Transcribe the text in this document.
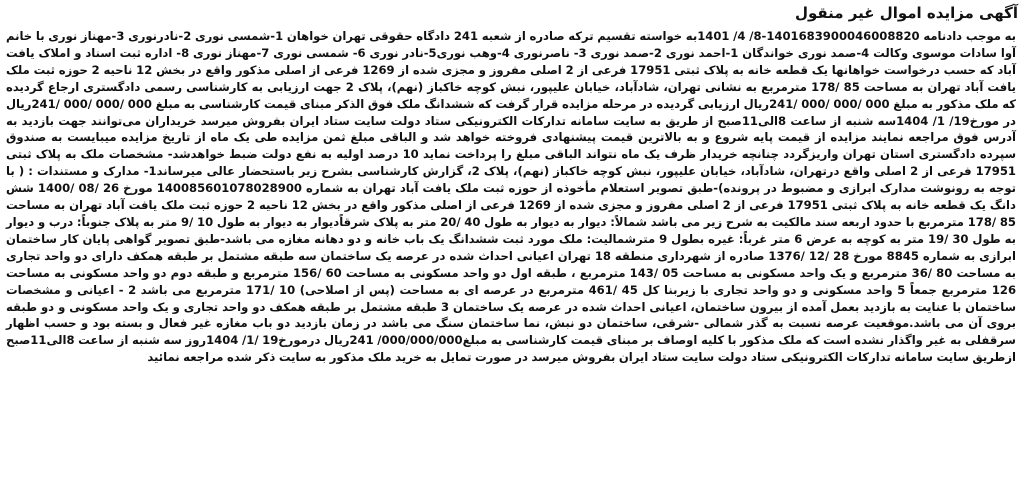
آگهی مزایده اموال غیر منقول

به موجب دادنامه 140168390004600882‌0-8/ 4/ 1401به خواسته تقسیم ترکه صادره از شعبه 241 دادگاه حقوقی تهران خواهان 1-شمسی نوری 2-نادرنوری 3-مهناز نوری با خانم آوا سادات موسوی وکالت 4-صمد نوری خواندگان 1-احمد نوری 2-صمد نوری 3- ناصرنوری 4-وهب نوری5-نادر نوری 6- شمسی نوری 7-مهناز نوری 8- اداره ثبت اسناد و املاک یافت آباد که حسب درخواست خواهانها یک قطعه خانه به پلاک ثبتی 17951 فرعی از 2 اصلی مفروز و مجزی شده از 1269 فرعی از اصلی مذکور واقع در بخش 12 ناحیه 2 حوزه ثبت ملک یافت آباد تهران به مساحت 85 /178 مترمربع به نشانی تهران، شادآباد، خیابان علیپور، نبش کوچه خاکباز (نهم)، پلاک 2 جهت ارزیابی به کارشناسی رسمی دادگستری ارجاع گردیده که ملک مذکور به مبلغ 000 /000 /000 /241ریال ارزیابی گردیده در مرحله مزایده قرار گرفت که ششدانگ ملک فوق الذکر مبنای قیمت کارشناسی به مبلغ 000 /000 /000 /241ریال در مورخ19/ 1/ 1404سه شنبه از ساعت 8الی11صبح از طریق به سایت سامانه تدارکات الکترونیکی ستاد دولت سایت ستاد ایران بفروش میرسد خریداران می‌توانند جهت بازدید به آدرس فوق مراجعه نمایند مزایده از قیمت پایه شروع و به بالاترین قیمت پیشنهادی فروخته خواهد شد و الباقی مبلغ ثمن مزایده طی یک ماه از تاریخ مزایده میبایست به صندوق سپرده دادگستری استان تهران واریزگردد چنانچه خریدار ظرف یک ماه نتواند الباقی مبلغ را پرداخت نماید 10 درصد اولیه به نفع دولت ضبط خواهدشد- مشخصات ملک به پلاک ثبتی 17951 فرعی از 2 اصلی واقع درتهران، شادآباد، خیابان علیپور، نبش کوچه خاکباز (نهم)، پلاک 2، گزارش کارشناسی بشرح زیر باستحضار عالی میرساند1- مدارک و مستندات : ( با توجه به رونوشت مدارک ابرازی و مضبوط در پرونده)-طبق تصویر استعلام مأخوذه از حوزه ثبت ملک یافت آباد تهران به شماره 140085601078028900 مورخ 26 /08 /1400 شش دانگ یک قطعه خانه به پلاک ثبتی 17951 فرعی از 2 اصلی مفروز و مجزی شده از 1269 فرعی از اصلی مذکور واقع در بخش 12 ناحیه 2 حوزه ثبت ملک یافت آباد تهران به مساحت 85 /178 مترمربع با حدود اربعه سند مالکیت به شرح زیر می باشد شمالاً: دیوار به دیوار به طول 40 /20 متر به پلاک شرقاًدیوار به دیوار به طول 10 /9 متر به پلاک جنوباً: درب و دیوار به طول 30 /19 متر به کوچه به عرض 6 متر غرباً: غیره بطول 9 مترشمالیت: ملک مورد ثبت ششدانگ یک باب خانه و دو دهانه مغازه می باشد-طبق تصویر گواهی پایان کار ساختمان ابرازی به شماره 8845 مورخ 28 /12 /1376 صادره از شهرداری منطقه 18 تهران اعیانی احداث شده در عرصه یک ساختمان سه طبقه مشتمل بر طبقه همکف دارای دو واحد تجاری به مساحت 80 /36 مترمربع و یک واحد مسکونی به مساحت 05 /143 مترمربع ، طبقه اول دو واحد مسکونی به مساحت 60 /156 مترمربع و طبقه دوم دو واحد مسکونی به مساحت 126 مترمربع جمعاً 5 واحد مسکونی و دو واحد تجاری با زیربنا کل 45 /461 مترمربع در عرصه ای به مساحت (پس از اصلاحی) 10 /171 مترمربع می باشد 2 - اعیانی و مشخصات ساختمان با عنایت به بازدید بعمل آمده از بیرون ساختمان، اعیانی احداث شده در عرصه یک ساختمان 3 طبقه مشتمل بر طبقه همکف دو واحد تجاری و یک واحد مسکونی و دو طبقه بروی آن می باشد.موقعیت عرصه نسبت به گذر شمالی -شرقی، ساختمان دو نبش، نما ساختمان سنگ می باشد در زمان بازدید دو باب مغازه غیر فعال و بسته بود و حسب اظهار سرقفلی به غیر واگذار نشده است که ملک مذکور با کلیه اوصاف بر مبنای قیمت کارشناسی به مبلغ000/000/000/ 241ریال درمورخ19 /1/ 1404روز سه شنبه از ساعت 8الی11صبح ازطریق سایت سامانه تدارکات الکترونیکی ستاد دولت سایت ستاد ایران بفروش میرسد در صورت تمایل به خرید ملک مذکور به سایت ذکر شده مراجعه نمائید
